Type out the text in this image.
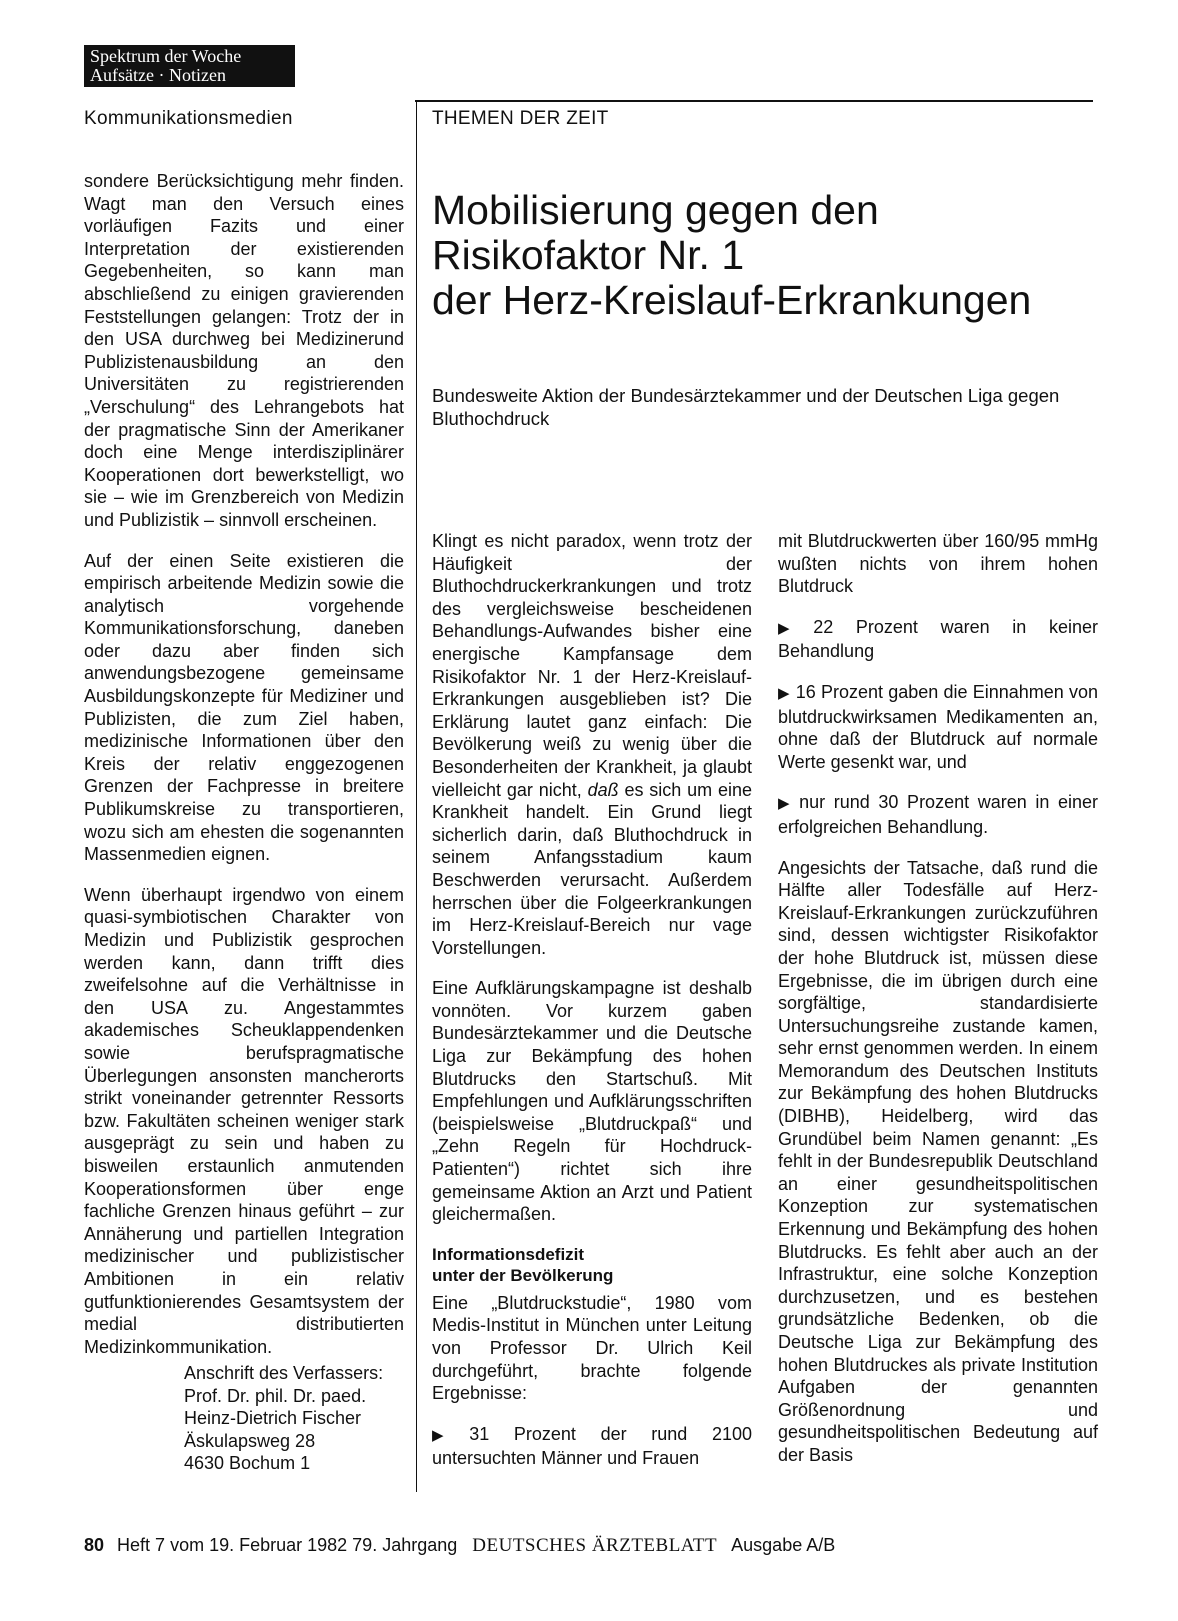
Spektrum der Woche
Aufsätze · Notizen
Kommunikationsmedien	THEMEN DER ZEIT

sondere Berücksichtigung mehr finden. Wagt man den Versuch eines vorläufigen Fazits und einer Interpretation der existierenden Gegebenheiten, so kann man abschließend zu einigen gravierenden Feststellungen gelangen: Trotz der in den USA durchweg bei Medizinerund Publizistenausbildung an den Universitäten zu registrierenden „Verschulung“ des Lehrangebots hat der pragmatische Sinn der Amerikaner doch eine Menge interdisziplinärer Kooperationen dort bewerkstelligt, wo sie – wie im Grenzbereich von Medizin und Publizistik – sinnvoll erscheinen.

Auf der einen Seite existieren die empirisch arbeitende Medizin sowie die analytisch vorgehende Kommunikationsforschung, daneben oder dazu aber finden sich anwendungsbezogene gemeinsame Ausbildungskonzepte für Mediziner und Publizisten, die zum Ziel haben, medizinische Informationen über den Kreis der relativ enggezogenen Grenzen der Fachpresse in breitere Publikumskreise zu transportieren, wozu sich am ehesten die sogenannten Massenmedien eignen.

Wenn überhaupt irgendwo von einem quasi-symbiotischen Charakter von Medizin und Publizistik gesprochen werden kann, dann trifft dies zweifelsohne auf die Verhältnisse in den USA zu. Angestammtes akademisches Scheuklappendenken sowie berufspragmatische Überlegungen ansonsten mancherorts strikt voneinander getrennter Ressorts bzw. Fakultäten scheinen weniger stark ausgeprägt zu sein und haben zu bisweilen erstaunlich anmutenden Kooperationsformen über enge fachliche Grenzen hinaus geführt – zur Annäherung und partiellen Integration medizinischer und publizistischer Ambitionen in ein relativ gutfunktionierendes Gesamtsystem der medial distributierten Medizinkommunikation.

Anschrift des Verfassers:
Prof. Dr. phil. Dr. paed.
Heinz-Dietrich Fischer
Äskulapsweg 28
4630 Bochum 1
Mobilisierung gegen den
Risikofaktor Nr. 1
der Herz-Kreislauf-Erkrankungen

Bundesweite Aktion der Bundesärztekammer und der Deutschen Liga gegen Bluthochdruck

Klingt es nicht paradox, wenn trotz der Häufigkeit der Bluthochdruckerkrankungen und trotz des vergleichsweise bescheidenen Behandlungs-Aufwandes bisher eine energische Kampfansage dem Risikofaktor Nr. 1 der Herz-Kreislauf-Erkrankungen ausgeblieben ist? Die Erklärung lautet ganz einfach: Die Bevölkerung weiß zu wenig über die Besonderheiten der Krankheit, ja glaubt vielleicht gar nicht, daß es sich um eine Krankheit handelt. Ein Grund liegt sicherlich darin, daß Bluthochdruck in seinem Anfangsstadium kaum Beschwerden verursacht. Außerdem herrschen über die Folgeerkrankungen im Herz-Kreislauf-Bereich nur vage Vorstellungen.

Eine Aufklärungskampagne ist deshalb vonnöten. Vor kurzem gaben Bundesärztekammer und die Deutsche Liga zur Bekämpfung des hohen Blutdrucks den Startschuß. Mit Empfehlungen und Aufklärungsschriften (beispielsweise „Blutdruckpaß“ und „Zehn Regeln für Hochdruck-Patienten“) richtet sich ihre gemeinsame Aktion an Arzt und Patient gleichermaßen.

Informationsdefizit
unter der Bevölkerung

Eine „Blutdruckstudie“, 1980 vom Medis-Institut in München unter Leitung von Professor Dr. Ulrich Keil durchgeführt, brachte folgende Ergebnisse:

▶ 31 Prozent der rund 2100 untersuchten Männer und Frauen

mit Blutdruckwerten über 160/95 mmHg wußten nichts von ihrem hohen Blutdruck

▶ 22 Prozent waren in keiner Behandlung

▶ 16 Prozent gaben die Einnahmen von blutdruckwirksamen Medikamenten an, ohne daß der Blutdruck auf normale Werte gesenkt war, und

▶ nur rund 30 Prozent waren in einer erfolgreichen Behandlung.

Angesichts der Tatsache, daß rund die Hälfte aller Todesfälle auf Herz-Kreislauf-Erkrankungen zurückzuführen sind, dessen wichtigster Risikofaktor der hohe Blutdruck ist, müssen diese Ergebnisse, die im übrigen durch eine sorgfältige, standardisierte Untersuchungsreihe zustande kamen, sehr ernst genommen werden. In einem Memorandum des Deutschen Instituts zur Bekämpfung des hohen Blutdrucks (DIBHB), Heidelberg, wird das Grundübel beim Namen genannt: „Es fehlt in der Bundesrepublik Deutschland an einer gesundheitspolitischen Konzeption zur systematischen Erkennung und Bekämpfung des hohen Blutdrucks. Es fehlt aber auch an der Infrastruktur, eine solche Konzeption durchzusetzen, und es bestehen grundsätzliche Bedenken, ob die Deutsche Liga zur Bekämpfung des hohen Blutdruckes als private Institution Aufgaben der genannten Größenordnung und gesundheitspolitischen Bedeutung auf der Basis

80 Heft 7 vom 19. Februar 1982 79. Jahrgang DEUTSCHES ÄRZTEBLATT Ausgabe A/B
